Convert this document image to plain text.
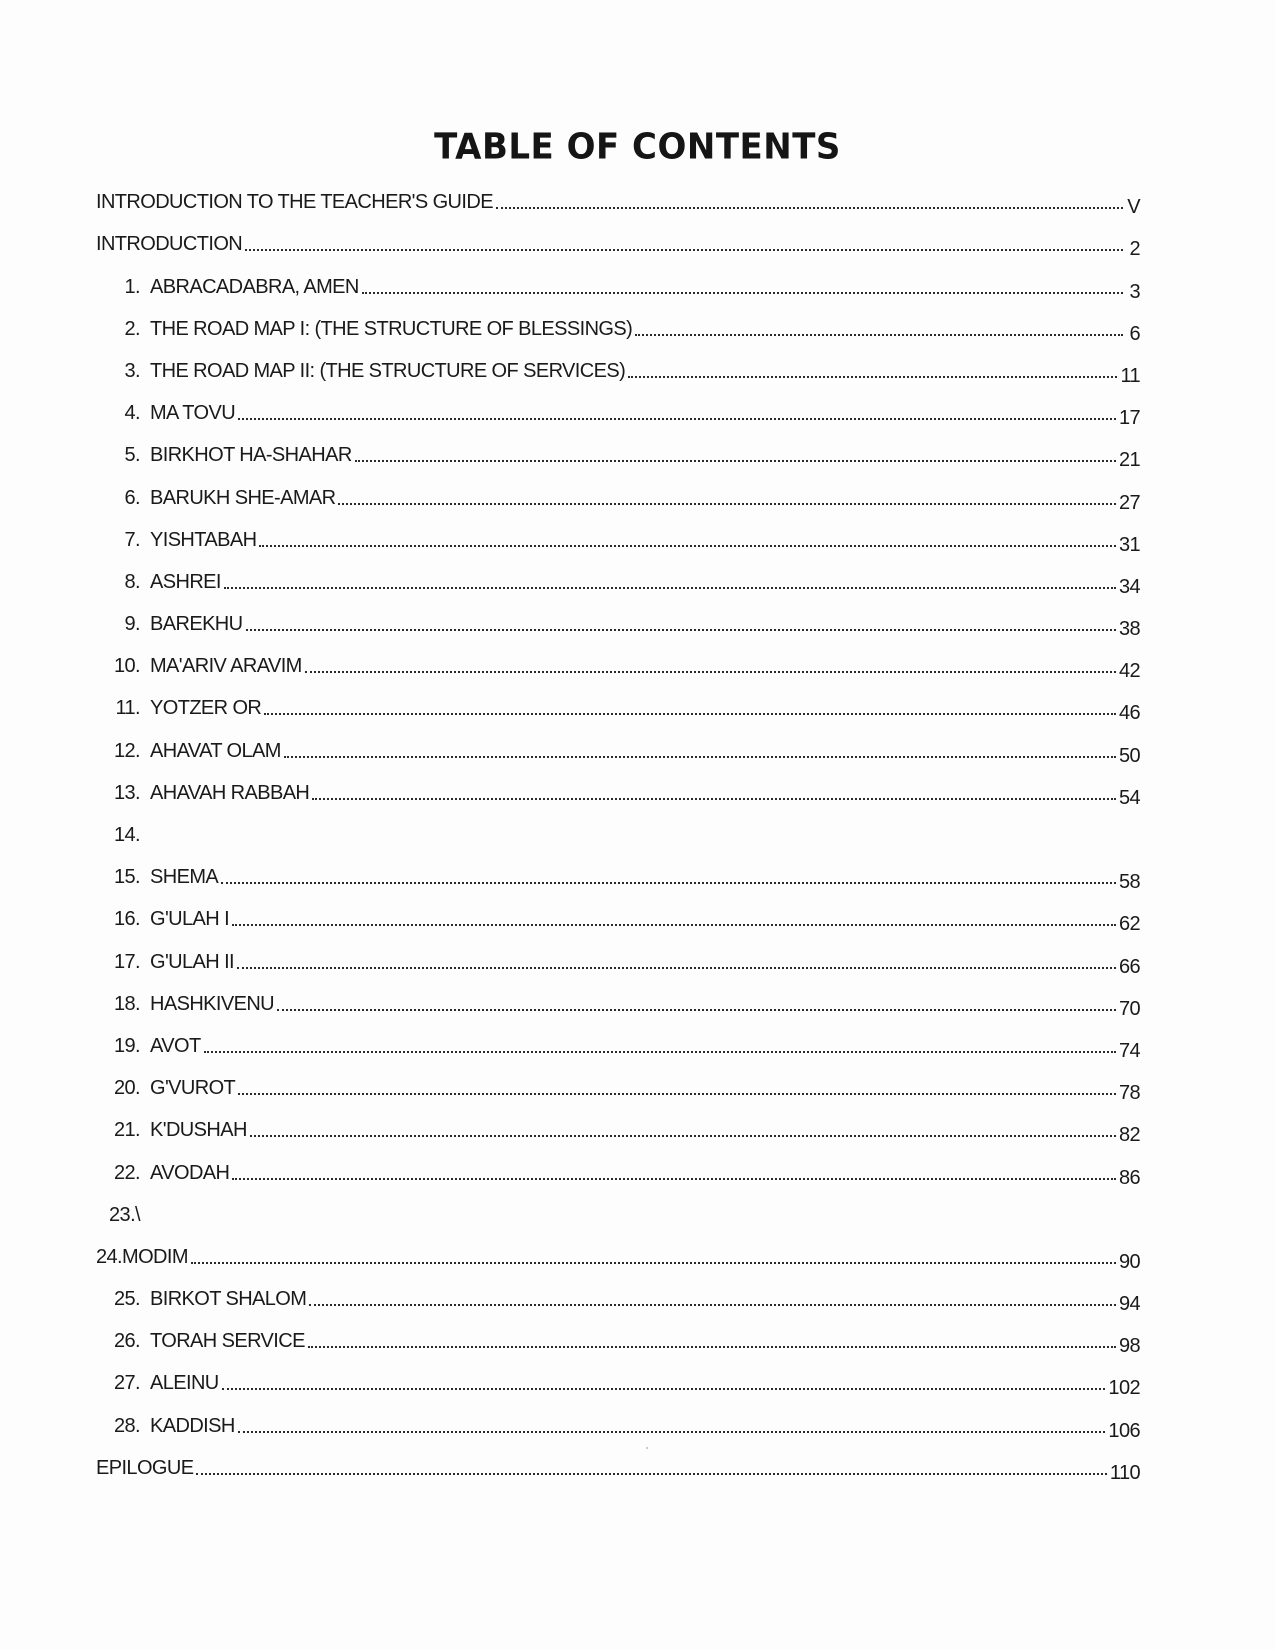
TABLE OF CONTENTS
INTRODUCTION TO THE TEACHER'S GUIDE	V
INTRODUCTION	2
1. ABRACADABRA, AMEN	3
2. THE ROAD MAP I: (THE STRUCTURE OF BLESSINGS)	6
3. THE ROAD MAP II: (THE STRUCTURE OF SERVICES)	11
4. MA TOVU	17
5. BIRKHOT HA-SHAHAR	21
6. BARUKH SHE-AMAR	27
7. YISHTABAH	31
8. ASHREI	34
9. BAREKHU	38
10. MA'ARIV ARAVIM	42
11. YOTZER OR	46
12. AHAVAT OLAM	50
13. AHAVAH RABBAH	54
14.
15. SHEMA	58
16. G'ULAH I	62
17. G'ULAH II	66
18. HASHKIVENU	70
19. AVOT	74
20. G'VUROT	78
21. K'DUSHAH	82
22. AVODAH	86
23.\
24. MODIM	90
25. BIRKOT SHALOM	94
26. TORAH SERVICE	98
27. ALEINU	102
28. KADDISH	106
EPILOGUE	110
